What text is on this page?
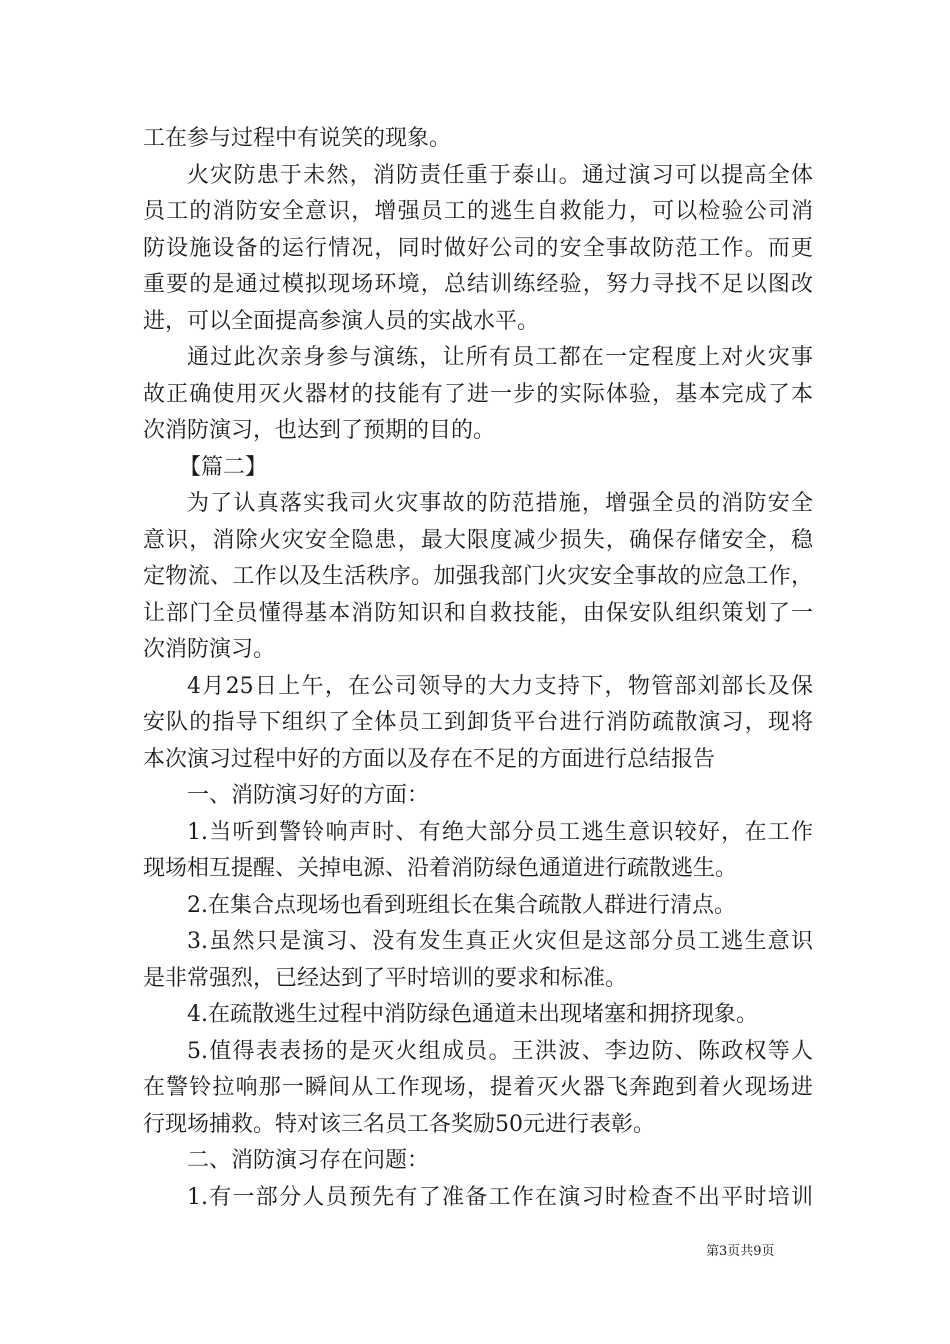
工在参与过程中有说笑的现象。
火灾防患于未然，消防责任重于泰山。通过演习可以提高全体
员工的消防安全意识，增强员工的逃生自救能力，可以检验公司消
防设施设备的运行情况，同时做好公司的安全事故防范工作。而更
重要的是通过模拟现场环境，总结训练经验，努力寻找不足以图改
进，可以全面提高参演人员的实战水平。
通过此次亲身参与演练，让所有员工都在一定程度上对火灾事
故正确使用灭火器材的技能有了进一步的实际体验，基本完成了本
次消防演习，也达到了预期的目的。
【篇二】
为了认真落实我司火灾事故的防范措施，增强全员的消防安全
意识，消除火灾安全隐患，最大限度减少损失，确保存储安全，稳
定物流、工作以及生活秩序。加强我部门火灾安全事故的应急工作，
让部门全员懂得基本消防知识和自救技能，由保安队组织策划了一
次消防演习。
4月25日上午，在公司领导的大力支持下，物管部刘部长及保
安队的指导下组织了全体员工到卸货平台进行消防疏散演习，现将
本次演习过程中好的方面以及存在不足的方面进行总结报告
一、消防演习好的方面：
1.当听到警铃响声时、有绝大部分员工逃生意识较好，在工作
现场相互提醒、关掉电源、沿着消防绿色通道进行疏散逃生。
2.在集合点现场也看到班组长在集合疏散人群进行清点。
3.虽然只是演习、没有发生真正火灾但是这部分员工逃生意识
是非常强烈，已经达到了平时培训的要求和标准。
4.在疏散逃生过程中消防绿色通道未出现堵塞和拥挤现象。
5.值得表表扬的是灭火组成员。王洪波、李边防、陈政权等人
在警铃拉响那一瞬间从工作现场，提着灭火器飞奔跑到着火现场进
行现场捕救。特对该三名员工各奖励50元进行表彰。
二、消防演习存在问题：
1.有一部分人员预先有了准备工作在演习时检查不出平时培训
第3页共9页
